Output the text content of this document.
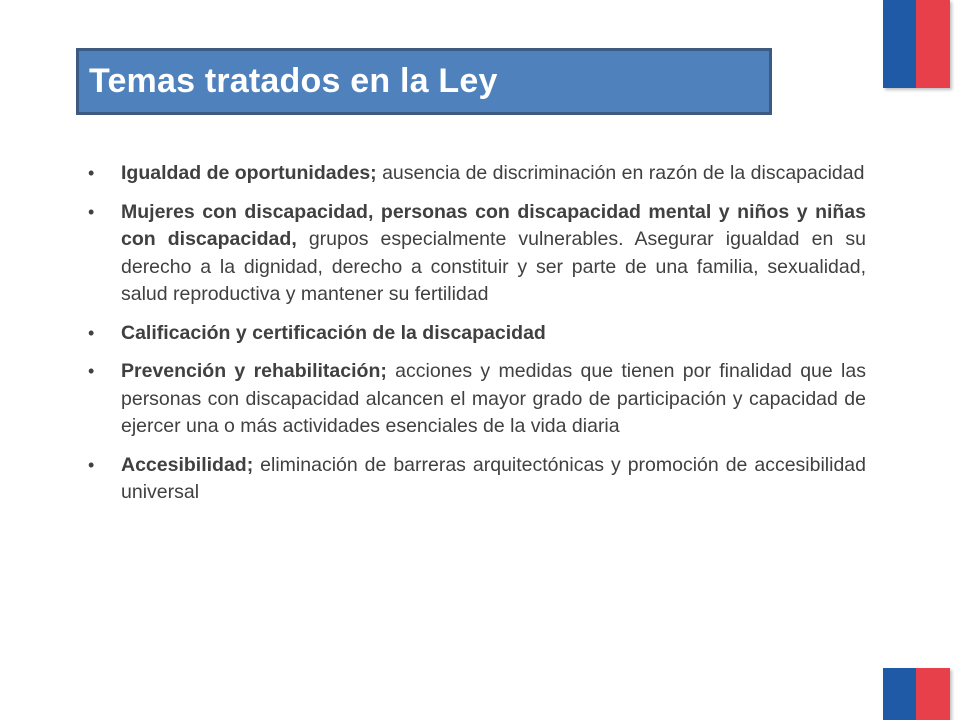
Temas tratados en la Ley
• Igualdad de oportunidades; ausencia de discriminación en razón de la discapacidad
• Mujeres con discapacidad, personas con discapacidad mental y niños y niñas con discapacidad, grupos especialmente vulnerables. Asegurar igualdad en su derecho a la dignidad, derecho a constituir y ser parte de una familia, sexualidad, salud reproductiva y mantener su fertilidad
• Calificación y certificación de la discapacidad
• Prevención y rehabilitación; acciones y medidas que tienen por finalidad que las personas con discapacidad alcancen el mayor grado de participación y capacidad de ejercer una o más actividades esenciales de la vida diaria
• Accesibilidad; eliminación de barreras arquitectónicas y promoción de accesibilidad universal
